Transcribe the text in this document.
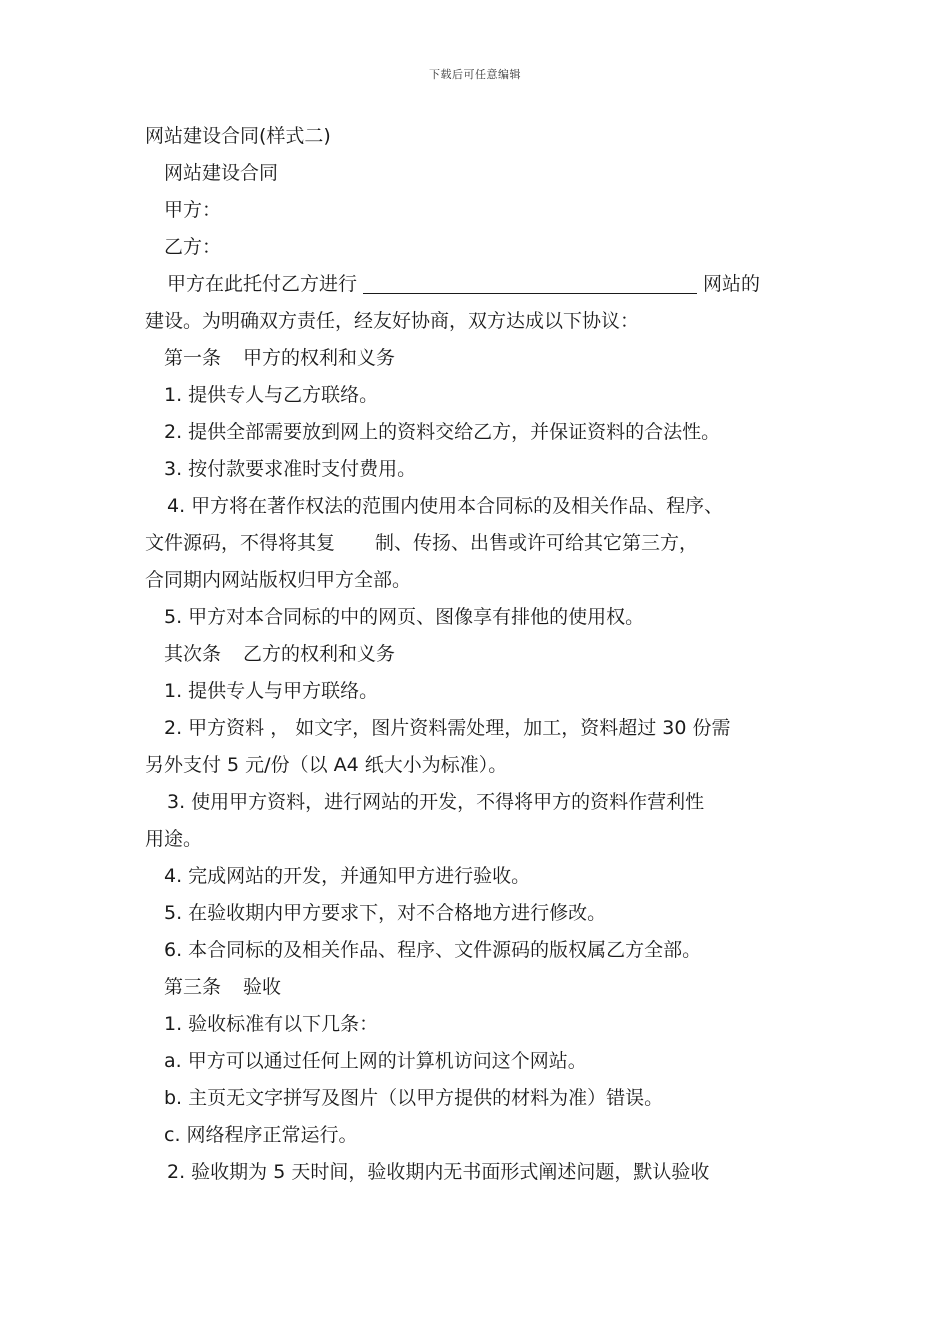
下载后可任意编辑
网站建设合同(样式二)
网站建设合同
甲方：
乙方：
甲方在此托付乙方进行	网站的
建设。为明确双方责任，经友好协商，双方达成以下协议：
第一条 甲方的权利和义务
1. 提供专人与乙方联络。
2. 提供全部需要放到网上的资料交给乙方，并保证资料的合法性。
3. 按付款要求准时支付费用。
4. 甲方将在著作权法的范围内使用本合同标的及相关作品、程序、
文件源码，不得将其复 制、传扬、出售或许可给其它第三方，
合同期内网站版权归甲方全部。
5. 甲方对本合同标的中的网页、图像享有排他的使用权。
其次条 乙方的权利和义务
1. 提供专人与甲方联络。
2. 甲方资料 ， 如文字，图片资料需处理，加工，资料超过 30 份需
另外支付 5 元/份（以 A4 纸大小为标准）。
3. 使用甲方资料，进行网站的开发，不得将甲方的资料作营利性
用途。
4. 完成网站的开发，并通知甲方进行验收。
5. 在验收期内甲方要求下，对不合格地方进行修改。
6. 本合同标的及相关作品、程序、文件源码的版权属乙方全部。
第三条 验收
1. 验收标准有以下几条：
a. 甲方可以通过任何上网的计算机访问这个网站。
b. 主页无文字拼写及图片（以甲方提供的材料为准）错误。
c. 网络程序正常运行。
2. 验收期为 5 天时间，验收期内无书面形式阐述问题，默认验收
